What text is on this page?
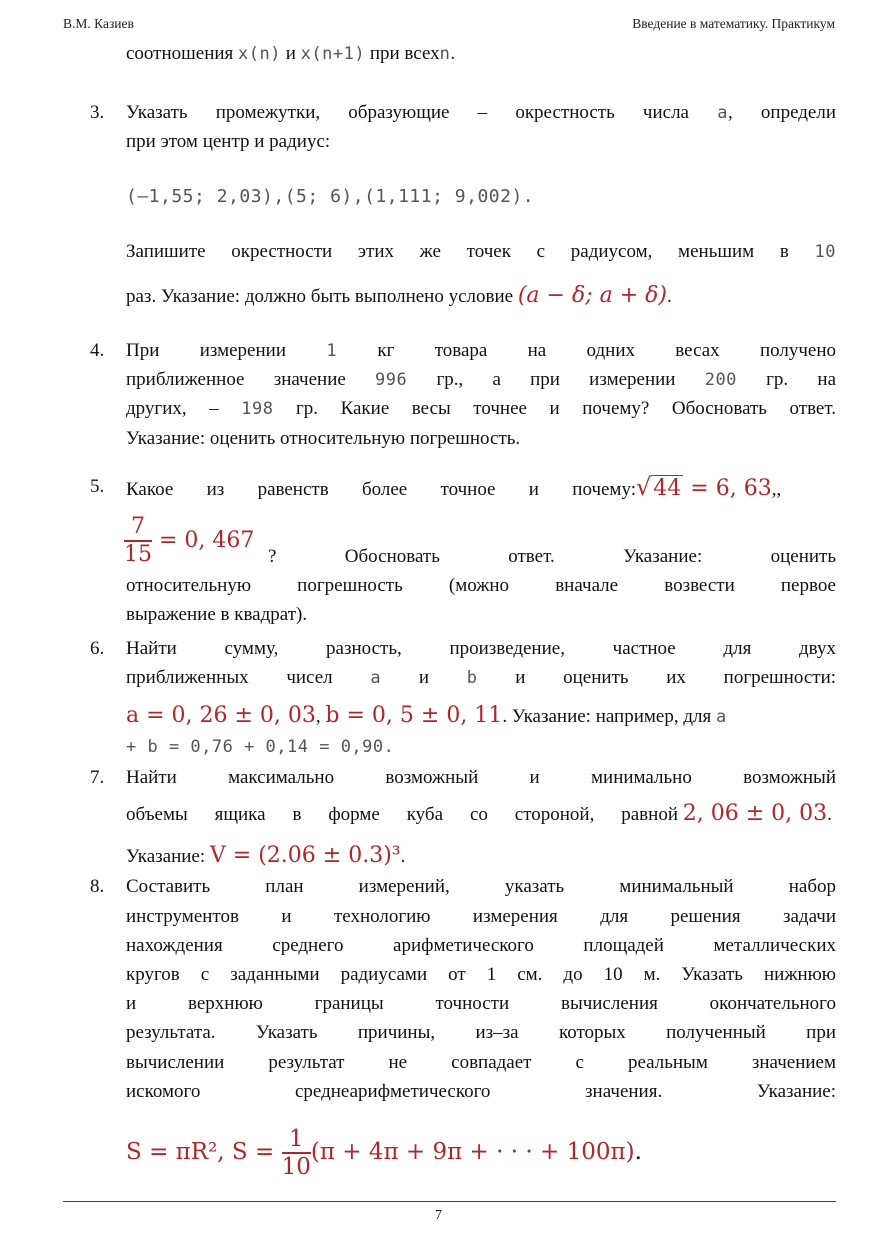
В.М. Казиев	Введение в математику. Практикум
соотношения x(n) и x(n+1) при всехn.
3. Указать промежутки, образующие – окрестность числа a, определи
при этом центр и радиус:
(—1,55; 2,03),(5; 6),(1,111; 9,002).
Запишите окрестности этих же точек с радиусом, меньшим в 10
раз. Указание: должно быть выполнено условие (a − δ; a + δ).
4. При измерении 1 кг товара на одних весах получено
приближенное значение 996 гр., а при измерении 200 гр. на
других, – 198 гр. Какие весы точнее и почему? Обосновать ответ.
Указание: оценить относительную погрешность.
5. Какое из равенств более точное и почему:√44 = 6, 63,,
$\frac{7}{15} = 0$, 467
? Обосновать ответ. Указание: оценить
относительную погрешность (можно вначале возвести первое
выражение в квадрат).
6. Найти сумму, разность, произведение, частное для двух
приближенных чисел a и b и оценить их погрешности:
a = 0, 26 ± 0, 03, b = 0, 5 ± 0, 11. Указание: например, для a
+ b = 0,76 + 0,14 = 0,90.
7. Найти максимально возможный и минимально возможный
объемы ящика в форме куба со стороной, равной 2, 06 ± 0, 03.
Указание: V = (2.06 ± 0.3)³.
8. Составить план измерений, указать минимальный набор
инструментов и технологию измерения для решения задачи
нахождения среднего арифметического площадей металлических
кругов с заданными радиусами от 1 см. до 10 м. Указать нижнюю
и верхнюю границы точности вычисления окончательного
результата. Указать причины, из–за которых полученный при
вычислении результат не совпадает с реальным значением
искомого среднеарифметического значения. Указание:
S = πR², $S = \frac{1}{10} (\pi + 4\pi + 9\pi$ + · · · + 100π).
7
